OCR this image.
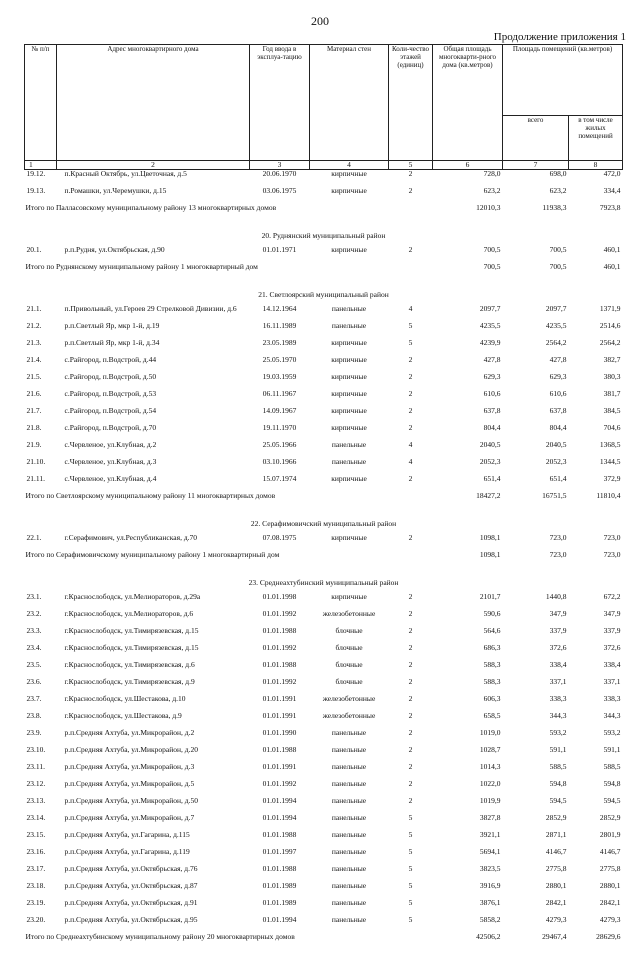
200
Продолжение приложения 1
№ п/п	Адрес многоквартирного дома	Год ввода в эксплуа-тацию	Материал стен	Коли-чество этажей (единиц)	Общая площадь многокварти-рного дома (кв.метров)	Площадь помещений (кв.метров)	
						всего	в том числе жилых помещений
1	2	3	4	5	6	7	8
19.12.	п.Красный Октябрь, ул.Цветочная, д.5	20.06.1970	кирпичные	2	728,0	698,0	472,0
19.13.	п.Ромашки, ул.Черемушки, д.15	03.06.1975	кирпичные	2	623,2	623,2	334,4
Итого по Палласовскому муниципальному району 13 многоквартирных домов					12010,3	11938,3	7923,8
20. Руднянский муниципальный район							

20.1.	р.п.Рудня, ул.Октябрьская, д.90	01.01.1971	кирпичные	2	700,5	700,5	460,1
Итого по Руднянскому муниципальному району 1 многоквартирный дом					700,5	700,5	460,1
21. Светлоярский муниципальный район							

21.1.	п.Привольный, ул.Героев 29 Стрелковой Дивизии, д.6	14.12.1964	панельные	4	2097,7	2097,7	1371,9
21.2.	р.п.Светлый Яр, мкр 1-й, д.19	16.11.1989	панельные	5	4235,5	4235,5	2514,6
21.3.	р.п.Светлый Яр, мкр 1-й, д.34	23.05.1989	кирпичные	5	4239,9	2564,2	2564,2
21.4.	с.Райгород, п.Водстрой, д.44	25.05.1970	кирпичные	2	427,8	427,8	382,7
21.5.	с.Райгород, п.Водстрой, д.50	19.03.1959	кирпичные	2	629,3	629,3	380,3
21.6.	с.Райгород, п.Водстрой, д.53	06.11.1967	кирпичные	2	610,6	610,6	381,7
21.7.	с.Райгород, п.Водстрой, д.54	14.09.1967	кирпичные	2	637,8	637,8	384,5
21.8.	с.Райгород, п.Водстрой, д.70	19.11.1970	кирпичные	2	804,4	804,4	704,6
21.9.	с.Червленое, ул.Клубная, д.2	25.05.1966	панельные	4	2040,5	2040,5	1368,5
21.10.	с.Червленое, ул.Клубная, д.3	03.10.1966	панельные	4	2052,3	2052,3	1344,5
21.11.	с.Червленое, ул.Клубная, д.4	15.07.1974	кирпичные	2	651,4	651,4	372,9
Итого по Светлоярскому муниципальному району 11 многоквартирных домов					18427,2	16751,5	11810,4
22. Серафимовичский муниципальный район							

22.1.	г.Серафимович, ул.Республиканская, д.70	07.08.1975	кирпичные	2	1098,1	723,0	723,0
Итого по Серафимовичскому муниципальному району 1 многоквартирный дом					1098,1	723,0	723,0
23. Среднеахтубинский муниципальный район							

23.1.	г.Краснослободск, ул.Мелиораторов, д.29а	01.01.1998	кирпичные	2	2101,7	1440,8	672,2
23.2.	г.Краснослободск, ул.Мелиораторов, д.6	01.01.1992	железобетонные	2	590,6	347,9	347,9
23.3.	г.Краснослободск, ул.Тимирязевская, д.15	01.01.1988	блочные	2	564,6	337,9	337,9
23.4.	г.Краснослободск, ул.Тимирязевская, д.15	01.01.1992	блочные	2	686,3	372,6	372,6
23.5.	г.Краснослободск, ул.Тимирязевская, д.6	01.01.1988	блочные	2	588,3	338,4	338,4
23.6.	г.Краснослободск, ул.Тимирязевская, д.9	01.01.1992	блочные	2	588,3	337,1	337,1
23.7.	г.Краснослободск, ул.Шестакова, д.10	01.01.1991	железобетонные	2	606,3	338,3	338,3
23.8.	г.Краснослободск, ул.Шестакова, д.9	01.01.1991	железобетонные	2	658,5	344,3	344,3
23.9.	р.п.Средняя Ахтуба, ул.Микрорайон, д.2	01.01.1990	панельные	2	1019,0	593,2	593,2
23.10.	р.п.Средняя Ахтуба, ул.Микрорайон, д.20	01.01.1988	панельные	2	1028,7	591,1	591,1
23.11.	р.п.Средняя Ахтуба, ул.Микрорайон, д.3	01.01.1991	панельные	2	1014,3	588,5	588,5
23.12.	р.п.Средняя Ахтуба, ул.Микрорайон, д.5	01.01.1992	панельные	2	1022,0	594,8	594,8
23.13.	р.п.Средняя Ахтуба, ул.Микрорайон, д.50	01.01.1994	панельные	2	1019,9	594,5	594,5
23.14.	р.п.Средняя Ахтуба, ул.Микрорайон, д.7	01.01.1994	панельные	5	3827,8	2852,9	2852,9
23.15.	р.п.Средняя Ахтуба, ул.Гагарина, д.115	01.01.1988	панельные	5	3921,1	2871,1	2801,9
23.16.	р.п.Средняя Ахтуба, ул.Гагарина, д.119	01.01.1997	панельные	5	5694,1	4146,7	4146,7
23.17.	р.п.Средняя Ахтуба, ул.Октябрьская, д.76	01.01.1988	панельные	5	3823,5	2775,8	2775,8
23.18.	р.п.Средняя Ахтуба, ул.Октябрьская, д.87	01.01.1989	панельные	5	3916,9	2880,1	2880,1
23.19.	р.п.Средняя Ахтуба, ул.Октябрьская, д.91	01.01.1989	панельные	5	3876,1	2842,1	2842,1
23.20.	р.п.Средняя Ахтуба, ул.Октябрьская, д.95	01.01.1994	панельные	5	5858,2	4279,3	4279,3
Итого по Среднеахтубинскому муниципальному району 20 многоквартирных домов					42506,2	29467,4	28629,6
